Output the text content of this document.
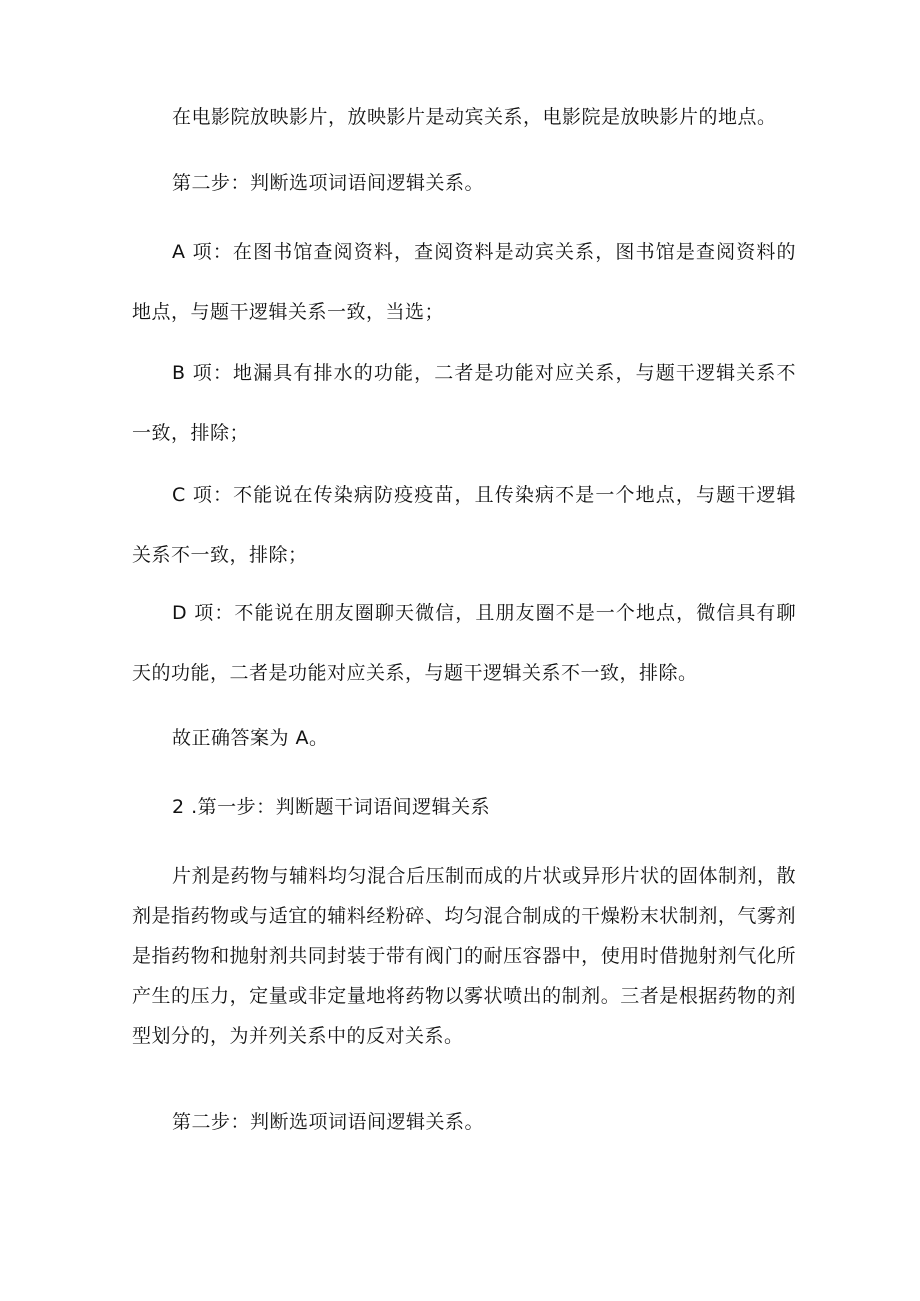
在电影院放映影片，放映影片是动宾关系，电影院是放映影片的地点。

第二步：判断选项词语间逻辑关系。

A 项：在图书馆查阅资料，查阅资料是动宾关系，图书馆是查阅资料的地点，与题干逻辑关系一致，当选；

B 项：地漏具有排水的功能，二者是功能对应关系，与题干逻辑关系不一致，排除；

C 项：不能说在传染病防疫疫苗，且传染病不是一个地点，与题干逻辑关系不一致，排除；

D 项：不能说在朋友圈聊天微信，且朋友圈不是一个地点，微信具有聊天的功能，二者是功能对应关系，与题干逻辑关系不一致，排除。

故正确答案为 A。

2 .第一步：判断题干词语间逻辑关系

片剂是药物与辅料均匀混合后压制而成的片状或异形片状的固体制剂，散剂是指药物或与适宜的辅料经粉碎、均匀混合制成的干燥粉末状制剂，气雾剂是指药物和抛射剂共同封装于带有阀门的耐压容器中，使用时借抛射剂气化所产生的压力，定量或非定量地将药物以雾状喷出的制剂。三者是根据药物的剂型划分的，为并列关系中的反对关系。

第二步：判断选项词语间逻辑关系。
